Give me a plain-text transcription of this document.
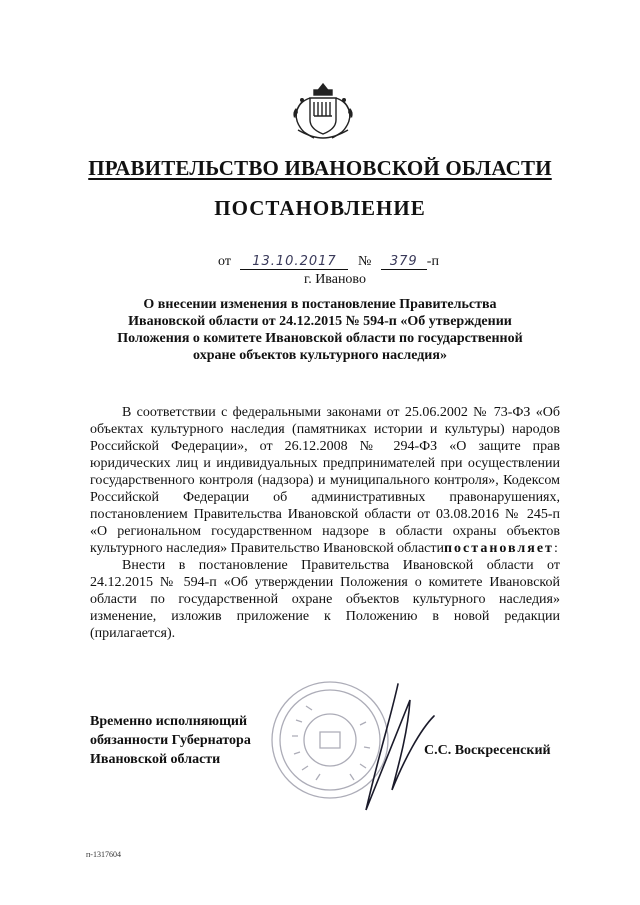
ПРАВИТЕЛЬСТВО ИВАНОВСКОЙ ОБЛАСТИ
ПОСТАНОВЛЕНИЕ
от 13.10.2017 № 379 -п
г. Иваново
О внесении изменения в постановление Правительства
Ивановской области от 24.12.2015 № 594-п «Об утверждении
Положения о комитете Ивановской области по государственной
охране объектов культурного наследия»

В соответствии с федеральными законами от 25.06.2002 № 73-ФЗ «Об объектах культурного наследия (памятниках истории и культуры) народов Российской Федерации», от 26.12.2008 № 294-ФЗ «О защите прав юридических лиц и индивидуальных предпринимателей при осуществлении государственного контроля (надзора) и муниципального контроля», Кодексом Российской Федерации об административных правонарушениях, постановлением Правительства Ивановской области от 03.08.2016 № 245-п «О региональном государственном надзоре в области охраны объектов культурного наследия» Правительство Ивановской областипостановляет:

Внести в постановление Правительства Ивановской области от 24.12.2015 № 594-п «Об утверждении Положения о комитете Ивановской области по государственной охране объектов культурного наследия» изменение, изложив приложение к Положению в новой редакции (прилагается).

Временно исполняющий
обязанности Губернатора
Ивановской области
С.С. Воскресенский
п-1317604
